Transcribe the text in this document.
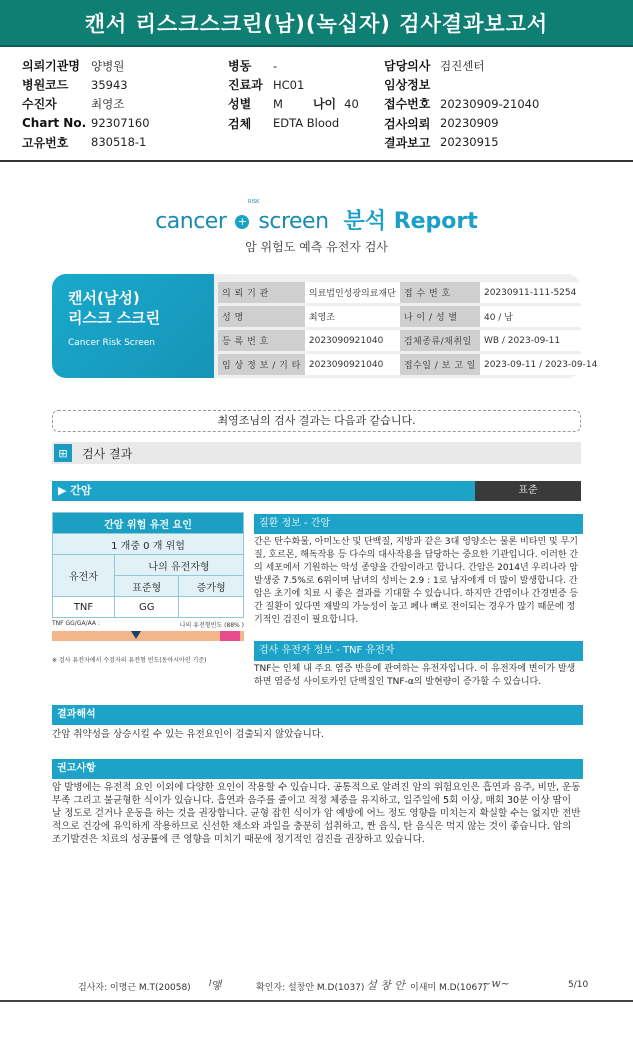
캔서 리스크스크린(남)(녹십자) 검사결과보고서
의뢰기관명 양병원
병원코드	35943
수진자	최영조
Chart No. 92307160
고유번호	830518-1
병동	-
진료과 HC01
성별	M	나이 40
검체	EDTA Blood
담당의사 검진센터
임상정보
접수번호 20230909-21040
검사의뢰 20230909
결과보고 20230915
cancer + screen 분석 Report
RISK
암 위험도 예측 유전자 검사
캔서(남성)
리스크 스크린
Cancer Risk Screen
의 뢰 기 관	의료법인성광의료재단	접 수 번 호	20230911-111-5254
성 명	최영조	나 이 / 성 별	40 / 남
등 록 번 호	2023090921040	검체종류/채취일	WB / 2023-09-11
임 상 정 보 / 기 타	2023090921040	접수일 / 보 고 일	2023-09-11 / 2023-09-14
최영조님의 검사 결과는 다음과 같습니다.
⊞	검사 결과
▶ 간암	표준
간암 위험 유전 요인		
1 개중 0 개 위험		
유전자	나의 유전자형	
	표준형	증가형
TNF	GG	
TNF GG/GA/AA :	나의 유전형빈도 (88% )
※ 검사 유전자에서 수검자의 유전형 빈도(동아시아인 기준)
질환 정보 - 간암
간은 탄수화물, 아미노산 및 단백질, 지방과 같은 3대 영양소는 물론 비타민 및 무기질, 호르몬, 해독작용 등 다수의 대사작용을 담당하는 중요한 기관입니다. 이러한 간의 세포에서 기원하는 악성 종양을 간암이라고 합니다. 간암은 2014년 우리나라 암 발생중 7.5%로 6위이며 남녀의 성비는 2.9 : 1로 남자에게 더 많이 발생합니다. 간암은 초기에 치료 시 좋은 결과를 기대할 수 있습니다. 하지만 간염이나 간경변증 등 간 질환이 있다면 재발의 가능성이 높고 폐나 뼈로 전이되는 경우가 많기 때문에 정기적인 검진이 필요합니다.
검사 유전자 정보 - TNF 유전자
TNF는 인체 내 주요 염증 반응에 관여하는 유전자입니다. 이 유전자에 변이가 발생하면 염증성 사이토카인 단백질인 TNF-α의 발현량이 증가할 수 있습니다.
결과해석
간암 취약성을 상승시킬 수 있는 유전요인이 검출되지 않았습니다.
권고사항
암 발병에는 유전적 요인 이외에 다양한 요인이 작용할 수 있습니다. 공통적으로 알려진 암의 위험요인은 흡연과 음주, 비만, 운동 부족 그리고 불균형한 식이가 있습니다. 흡연과 음주를 줄이고 적정 체중을 유지하고, 일주일에 5회 이상, 매회 30분 이상 땀이 날 정도로 걷거나 운동을 하는 것을 권장합니다. 균형 잡힌 식이가 암 예방에 어느 정도 영향을 미치는지 확실할 수는 없지만 전반적으로 건강에 유익하게 작용하므로 신선한 채소와 과일을 충분히 섭취하고, 짠 음식, 탄 음식은 먹지 않는 것이 좋습니다. 암의 조기발견은 치료의 성공률에 큰 영향을 미치기 때문에 정기적인 검진을 권장하고 있습니다.
검사자: 이명근 M.T(20058) ᅵ앻	확인자: 설창안 M.D(1037) 설 창 안 이새미 M.D(1067)
~w~	5/10
